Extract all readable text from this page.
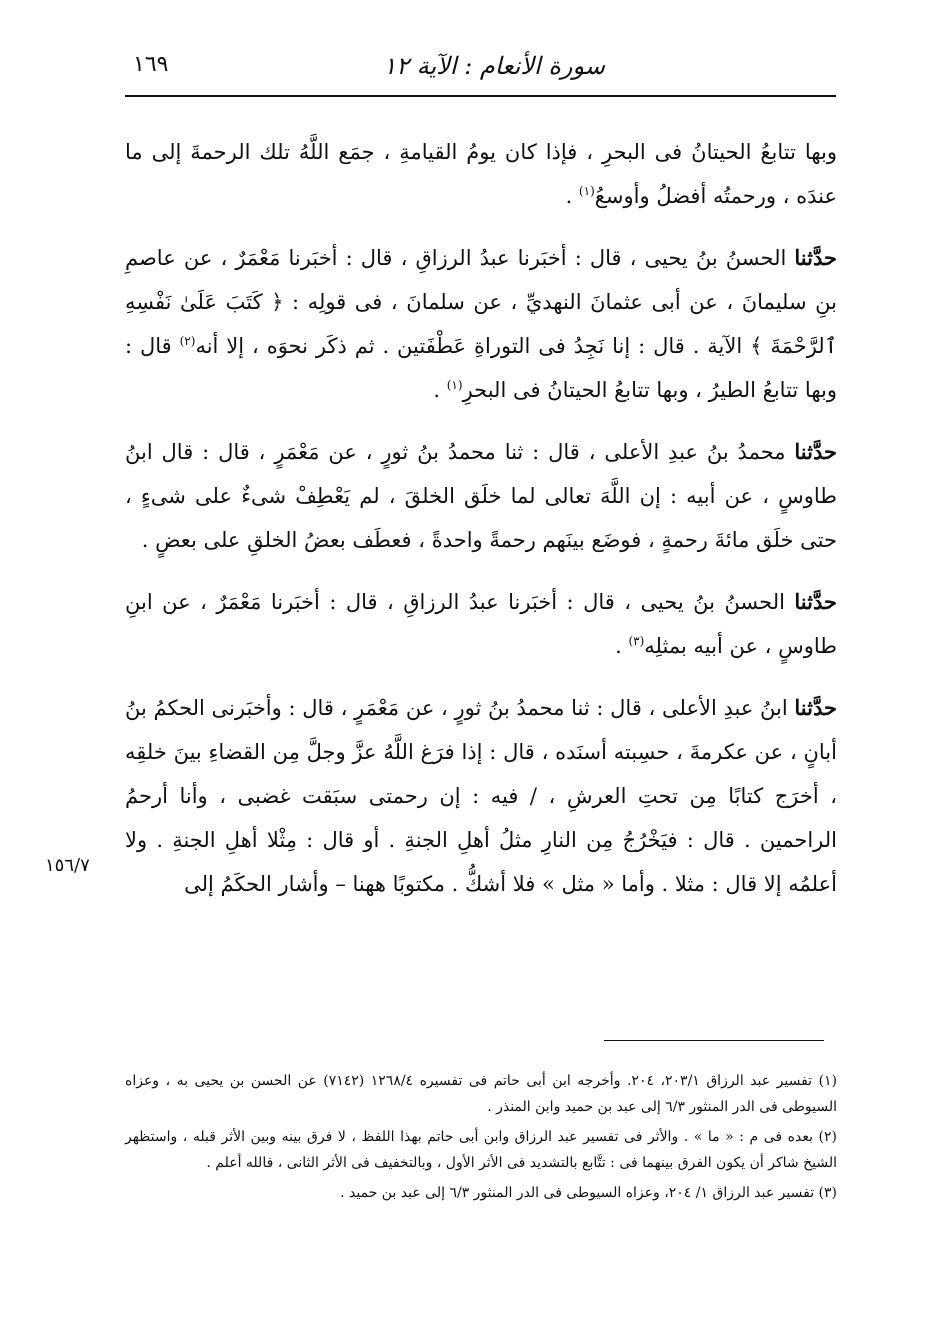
سورة الأنعام : الآية ١٢
١٦٩

وبها تتابعُ الحيتانُ فى البحرِ ، فإذا كان يومُ القيامةِ ، جمَع اللَّهُ تلك الرحمةَ إلى ما عندَه ، ورحمتُه أفضلُ وأوسعُ$^{(١)}$ .

حدَّثنا الحسنُ بنُ يحيى ، قال : أخبَرنا عبدُ الرزاقِ ، قال : أخبَرنا مَعْمَرٌ ، عن عاصمِ بنِ سليمانَ ، عن أبى عثمانَ النهديِّ ، عن سلمانَ ، فى قولِه : ﴿ كَتَبَ عَلَىٰ نَفْسِهِ ٱلرَّحْمَةَ ﴾ الآية . قال : إنا نَجِدُ فى التوراةِ عَطْفَتين . ثم ذكَر نحوَه ، إلا أنه$^{(٢)}$ قال : وبها تتابعُ الطيرُ ، وبها تتابعُ الحيتانُ فى البحرِ$^{(١)}$ .

حدَّثنا محمدُ بنُ عبدِ الأعلى ، قال : ثنا محمدُ بنُ ثورٍ ، عن مَعْمَرٍ ، قال : قال ابنُ طاوسٍ ، عن أبيه : إن اللَّهَ تعالى لما خلَق الخلقَ ، لم يَعْطِفْ شىءٌ على شىءٍ ، حتى خلَق مائةَ رحمةٍ ، فوضَع بينَهم رحمةً واحدةً ، فعطَف بعضُ الخلقِ على بعضٍ .

حدَّثنا الحسنُ بنُ يحيى ، قال : أخبَرنا عبدُ الرزاقِ ، قال : أخبَرنا مَعْمَرٌ ، عن ابنِ طاوسٍ ، عن أبيه بمثلِه$^{(٣)}$ .

حدَّثنا ابنُ عبدِ الأعلى ، قال : ثنا محمدُ بنُ ثورٍ ، عن مَعْمَرٍ ، قال : وأخبَرنى الحكمُ بنُ أبانٍ ، عن عكرمةَ ، حسِبته أسنَده ، قال : إذا فرَغ اللَّهُ عزَّ وجلَّ مِن القضاءِ بينَ خلقِه ، أخرَج كتابًا مِن تحتِ العرشِ ، / فيه : إن رحمتى سبَقت غضبى ، وأنا أرحمُ الراحمين . قال : فيَخْرُجُ مِن النارِ مثلُ أهلِ الجنةِ . أو قال : مِثْلا أهلِ الجنةِ . ولا أعلمُه إلا قال : مثلا . وأما « مثل » فلا أشكُّ . مكتوبًا ههنا – وأشار الحكَمُ إلى

١٥٦/٧

(١) تفسير عبد الرزاق ٢٠٣/١، ٢٠٤. وأخرجه ابن أبى حاتم فى تفسيره ١٢٦٨/٤ (٧١٤٢) عن الحسن بن يحيى به ، وعزاه السيوطى فى الدر المنثور ٦/٣ إلى عبد بن حميد وابن المنذر .

(٢) بعده فى م : « ما » . والأثر فى تفسير عبد الرزاق وابن أبى حاتم بهذا اللفظ ، لا فرق بينه وبين الأثر قبله ، واستظهر الشيخ شاكر أن يكون الفرق بينهما فى : تتَّابع بالتشديد فى الأثر الأول ، وبالتخفيف فى الأثر الثانى ، فالله أعلم .

(٣) تفسير عبد الرزاق ١/ ٢٠٤، وعزاه السيوطى فى الدر المنثور ٦/٣ إلى عبد بن حميد .
